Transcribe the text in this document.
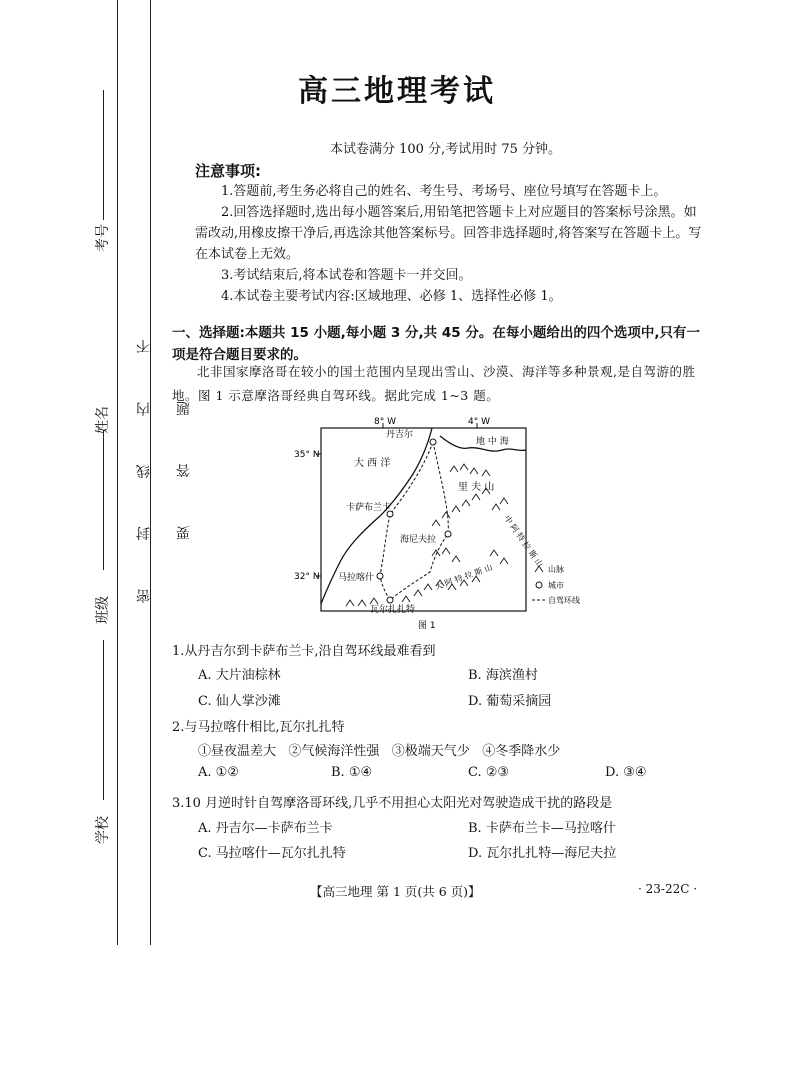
考号
姓名
班级
学校
密 封 线 内 不 要 答 题
高三地理考试
本试卷满分 100 分,考试用时 75 分钟。
注意事项:
1.答题前,考生务必将自己的姓名、考生号、考场号、座位号填写在答题卡上。
2.回答选择题时,选出每小题答案后,用铅笔把答题卡上对应题目的答案标号涂黑。如需改动,用橡皮擦干净后,再选涂其他答案标号。回答非选择题时,将答案写在答题卡上。写在本试卷上无效。
3.考试结束后,将本试卷和答题卡一并交回。
4.本试卷主要考试内容:区域地理、必修 1、选择性必修 1。
一、选择题:本题共 15 小题,每小题 3 分,共 45 分。在每小题给出的四个选项中,只有一项是符合题目要求的。
北非国家摩洛哥在较小的国土范围内呈现出雪山、沙漠、海洋等多种景观,是自驾游的胜地。图 1 示意摩洛哥经典自驾环线。据此完成 1~3 题。
8° W	4° W
35° N
32° N
丹吉尔
地 中 海
大 西 洋
里 夫 山
卡萨布兰卡
中 阿 特 拉 斯 山
海尼夫拉
马拉喀什	大 阿 特 拉 斯 山
瓦尔扎扎特
山脉
城市
自驾环线
图 1
1.从丹吉尔到卡萨布兰卡,沿自驾环线最难看到
A. 大片油棕林	B. 海滨渔村
C. 仙人掌沙滩	D. 葡萄采摘园
2.与马拉喀什相比,瓦尔扎扎特
①昼夜温差大   ②气候海洋性强   ③极端天气少   ④冬季降水少
A. ①②	B. ①④	C. ②③	D. ③④
3.10 月逆时针自驾摩洛哥环线,几乎不用担心太阳光对驾驶造成干扰的路段是
A. 丹吉尔—卡萨布兰卡	B. 卡萨布兰卡—马拉喀什
C. 马拉喀什—瓦尔扎扎特	D. 瓦尔扎扎特—海尼夫拉
【高三地理 第 1 页(共 6 页)】	· 23-22C ·
